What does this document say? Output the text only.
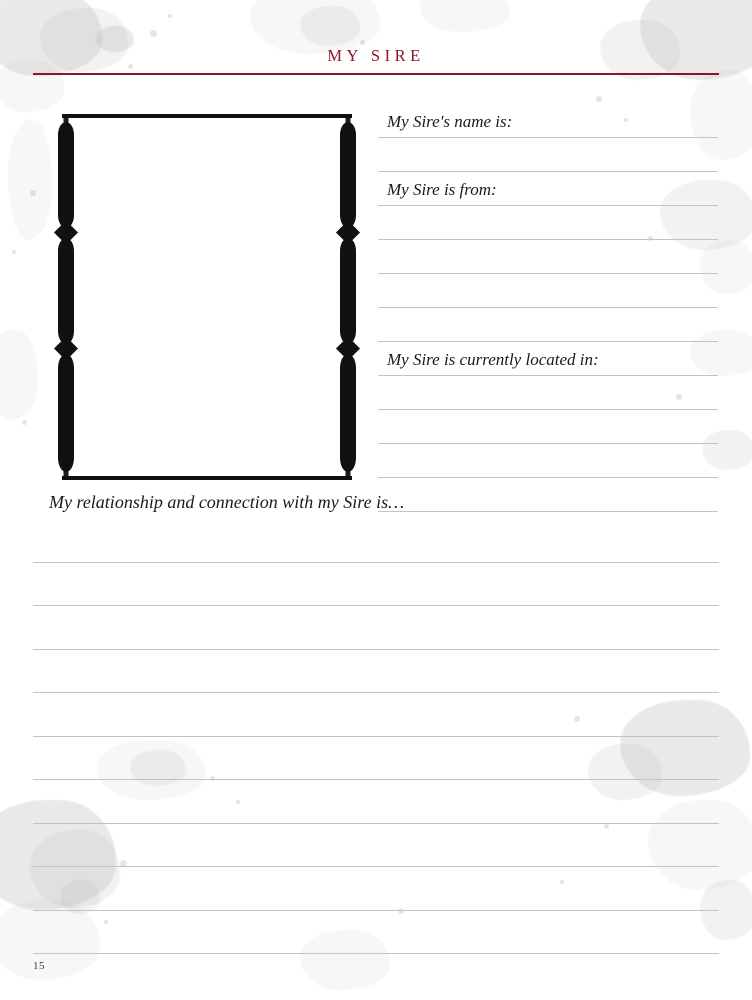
MY SIRE
My Sire's name is:
My Sire is from:
My Sire is currently located in:
My relationship and connection with my Sire is…
15
